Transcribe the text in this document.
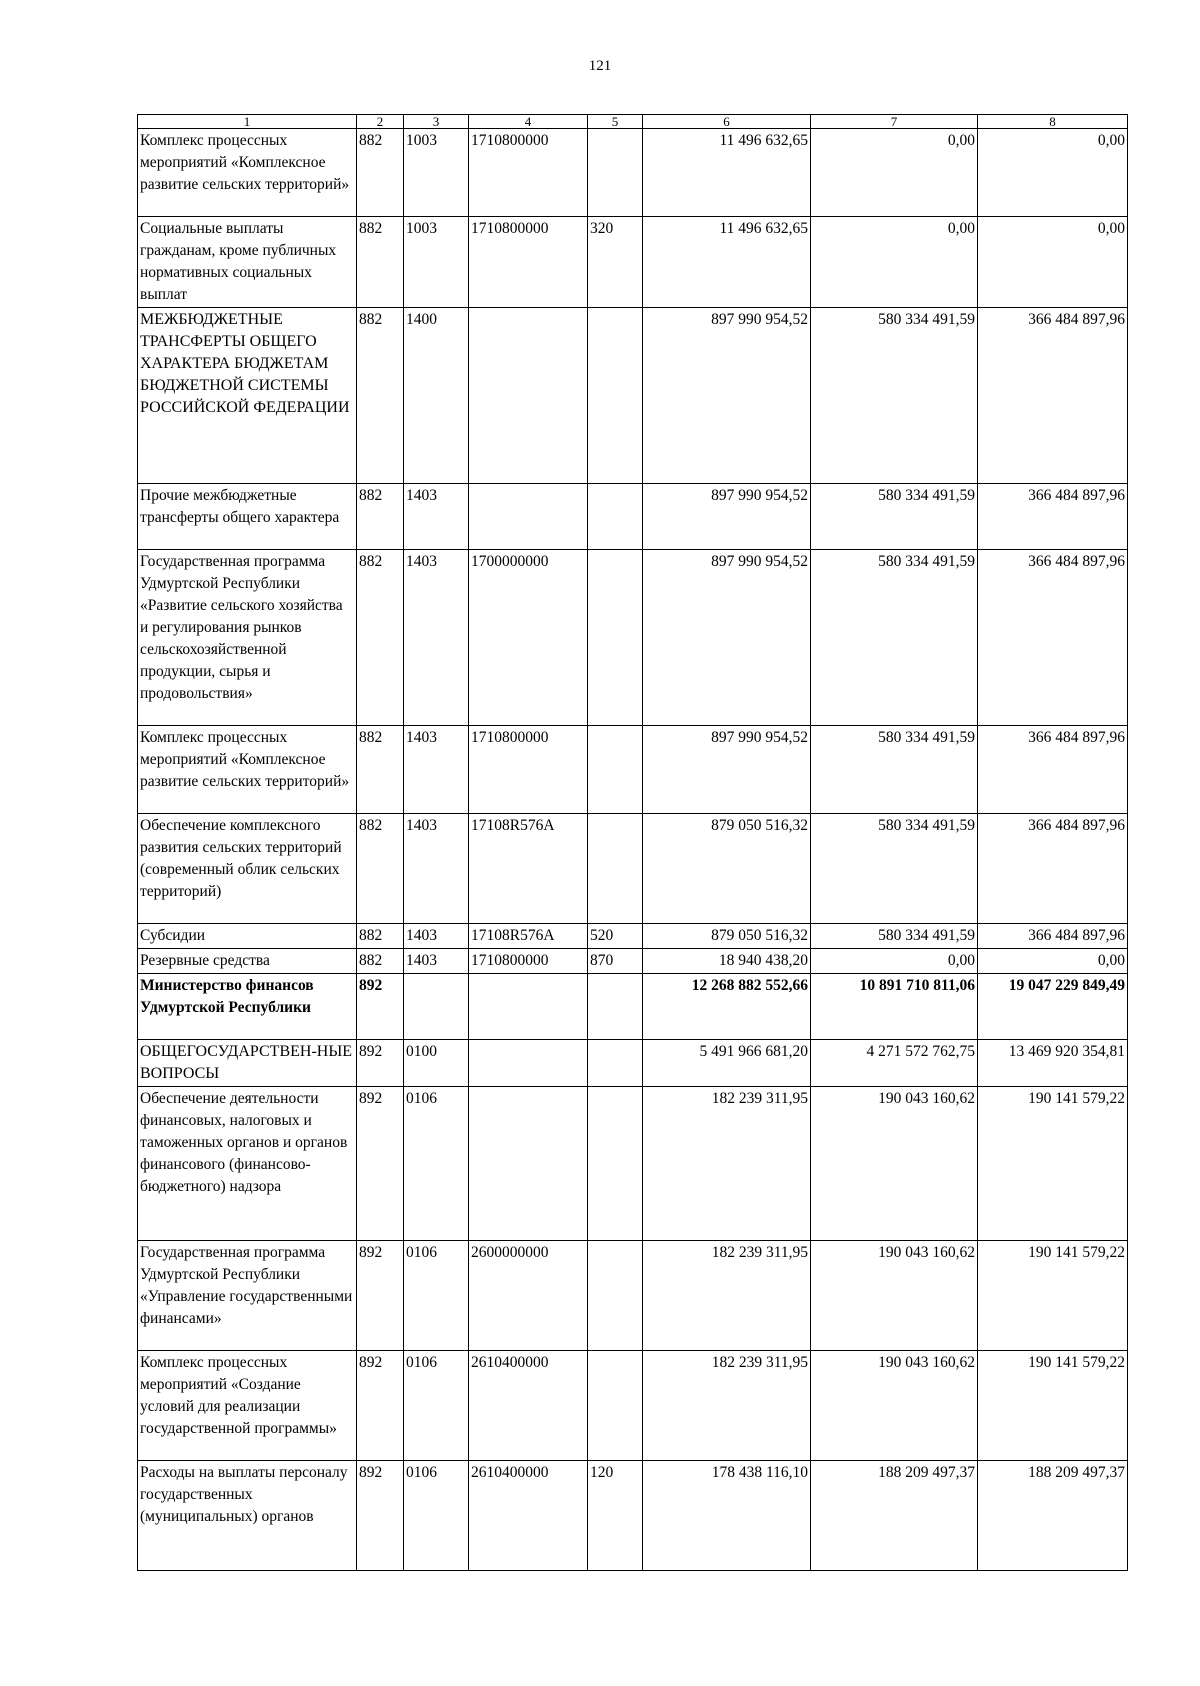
121
1	2	3	4	5	6	7	8
Комплекс процессных мероприятий «Комплексное развитие сельских территорий»	882	1003	1710800000		11 496 632,65	0,00	0,00
Социальные выплаты гражданам, кроме публичных нормативных социальных выплат	882	1003	1710800000	320	11 496 632,65	0,00	0,00
МЕЖБЮДЖЕТНЫЕ ТРАНСФЕРТЫ ОБЩЕГО ХАРАКТЕРА БЮДЖЕТАМ БЮДЖЕТНОЙ СИСТЕМЫ РОССИЙСКОЙ ФЕДЕРАЦИИ	882	1400			897 990 954,52	580 334 491,59	366 484 897,96
Прочие межбюджетные трансферты общего характера	882	1403			897 990 954,52	580 334 491,59	366 484 897,96
Государственная программа Удмуртской Республики «Развитие сельского хозяйства и регулирования рынков сельскохозяйственной продукции, сырья и продовольствия»	882	1403	1700000000		897 990 954,52	580 334 491,59	366 484 897,96
Комплекс процессных мероприятий «Комплексное развитие сельских территорий»	882	1403	1710800000		897 990 954,52	580 334 491,59	366 484 897,96
Обеспечение комплексного развития сельских территорий (современный облик сельских территорий)	882	1403	17108R576A		879 050 516,32	580 334 491,59	366 484 897,96
Субсидии	882	1403	17108R576A	520	879 050 516,32	580 334 491,59	366 484 897,96
Резервные средства	882	1403	1710800000	870	18 940 438,20	0,00	0,00
Министерство финансов Удмуртской Республики	892				12 268 882 552,66	10 891 710 811,06	19 047 229 849,49
ОБЩЕГОСУДАРСТВЕН-НЫЕ ВОПРОСЫ	892	0100			5 491 966 681,20	4 271 572 762,75	13 469 920 354,81
Обеспечение деятельности финансовых, налоговых и таможенных органов и органов финансового (финансово-бюджетного) надзора	892	0106			182 239 311,95	190 043 160,62	190 141 579,22
Государственная программа Удмуртской Республики «Управление государственными финансами»	892	0106	2600000000		182 239 311,95	190 043 160,62	190 141 579,22
Комплекс процессных мероприятий «Создание условий для реализации государственной программы»	892	0106	2610400000		182 239 311,95	190 043 160,62	190 141 579,22
Расходы на выплаты персоналу государственных (муниципальных) органов	892	0106	2610400000	120	178 438 116,10	188 209 497,37	188 209 497,37
